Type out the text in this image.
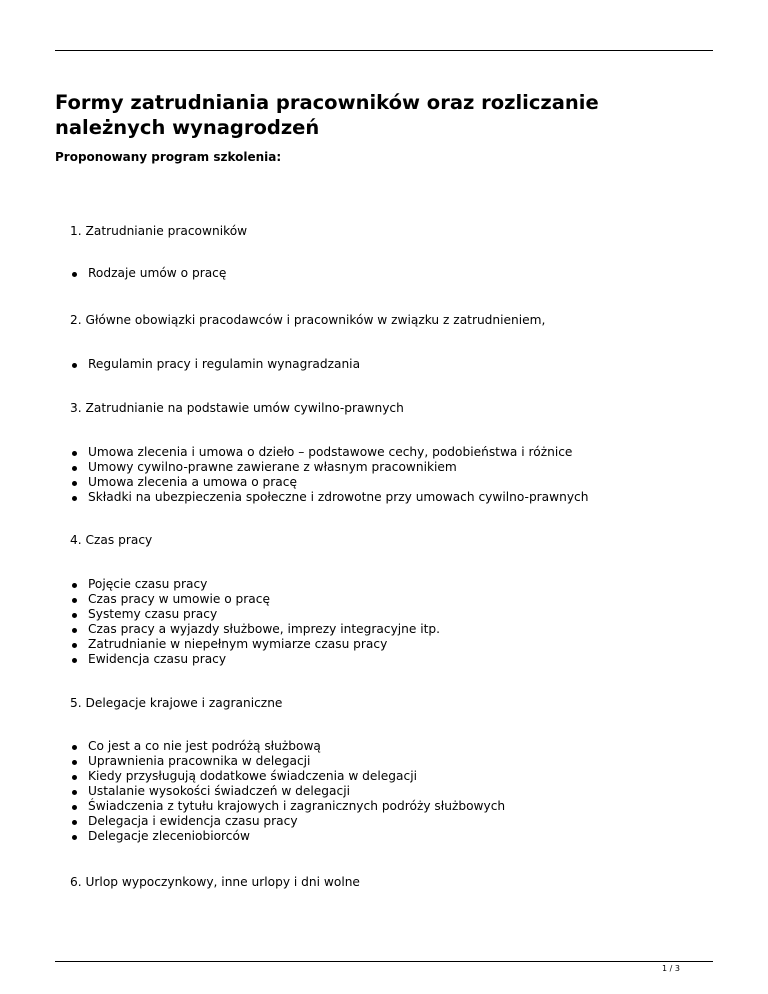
Formy zatrudniania pracowników oraz rozliczanie należnych wynagrodzeń

Proponowany program szkolenia:

1. Zatrudnianie pracowników

Rodzaje umów o pracę

2. Główne obowiązki pracodawców i pracowników w związku z zatrudnieniem,

Regulamin pracy i regulamin wynagradzania

3. Zatrudnianie na podstawie umów cywilno-prawnych

Umowa zlecenia i umowa o dzieło – podstawowe cechy, podobieństwa i różnice
Umowy cywilno-prawne zawierane z własnym pracownikiem
Umowa zlecenia a umowa o pracę
Składki na ubezpieczenia społeczne i zdrowotne przy umowach cywilno-prawnych

4. Czas pracy

Pojęcie czasu pracy
Czas pracy w umowie o pracę
Systemy czasu pracy
Czas pracy a wyjazdy służbowe, imprezy integracyjne itp.
Zatrudnianie w niepełnym wymiarze czasu pracy
Ewidencja czasu pracy

5. Delegacje krajowe i zagraniczne

Co jest a co nie jest podróżą służbową
Uprawnienia pracownika w delegacji
Kiedy przysługują dodatkowe świadczenia w delegacji
Ustalanie wysokości świadczeń w delegacji
Świadczenia z tytułu krajowych i zagranicznych podróży służbowych
Delegacja i ewidencja czasu pracy
Delegacje zleceniobiorców

6. Urlop wypoczynkowy, inne urlopy i dni wolne

1 / 3
